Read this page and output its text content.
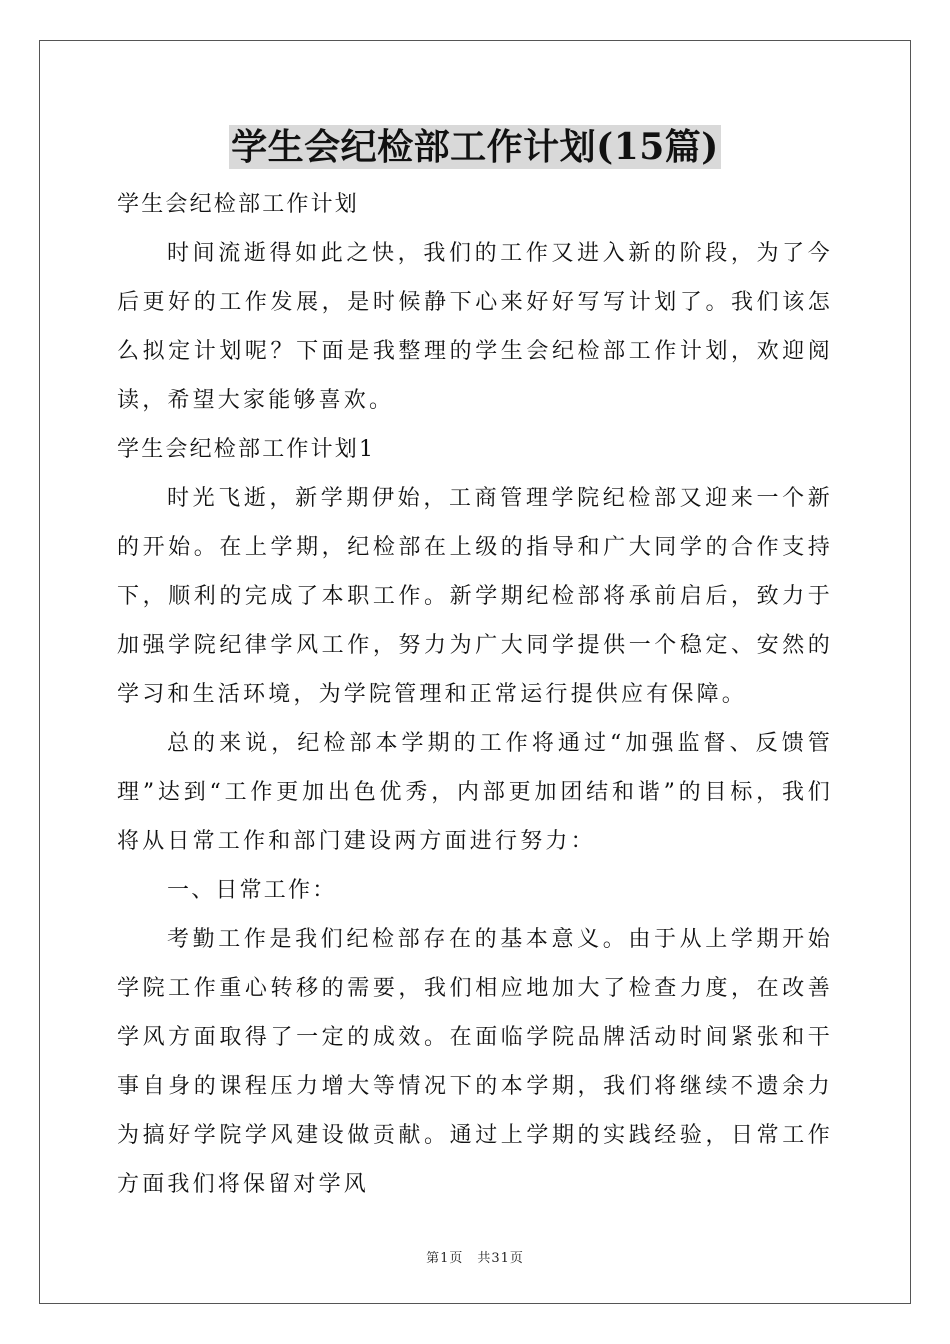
学生会纪检部工作计划(15篇)

学生会纪检部工作计划

时间流逝得如此之快，我们的工作又进入新的阶段，为了今后更好的工作发展，是时候静下心来好好写写计划了。我们该怎么拟定计划呢？下面是我整理的学生会纪检部工作计划，欢迎阅读，希望大家能够喜欢。

学生会纪检部工作计划1

时光飞逝，新学期伊始，工商管理学院纪检部又迎来一个新的开始。在上学期，纪检部在上级的指导和广大同学的合作支持下，顺利的完成了本职工作。新学期纪检部将承前启后，致力于加强学院纪律学风工作，努力为广大同学提供一个稳定、安然的学习和生活环境，为学院管理和正常运行提供应有保障。

总的来说，纪检部本学期的工作将通过“加强监督、反馈管理”达到“工作更加出色优秀，内部更加团结和谐”的目标，我们将从日常工作和部门建设两方面进行努力：

一、日常工作：

考勤工作是我们纪检部存在的基本意义。由于从上学期开始学院工作重心转移的需要，我们相应地加大了检查力度，在改善学风方面取得了一定的成效。在面临学院品牌活动时间紧张和干事自身的课程压力增大等情况下的本学期，我们将继续不遗余力为搞好学院学风建设做贡献。通过上学期的实践经验，日常工作方面我们将保留对学风

第1页　共31页
